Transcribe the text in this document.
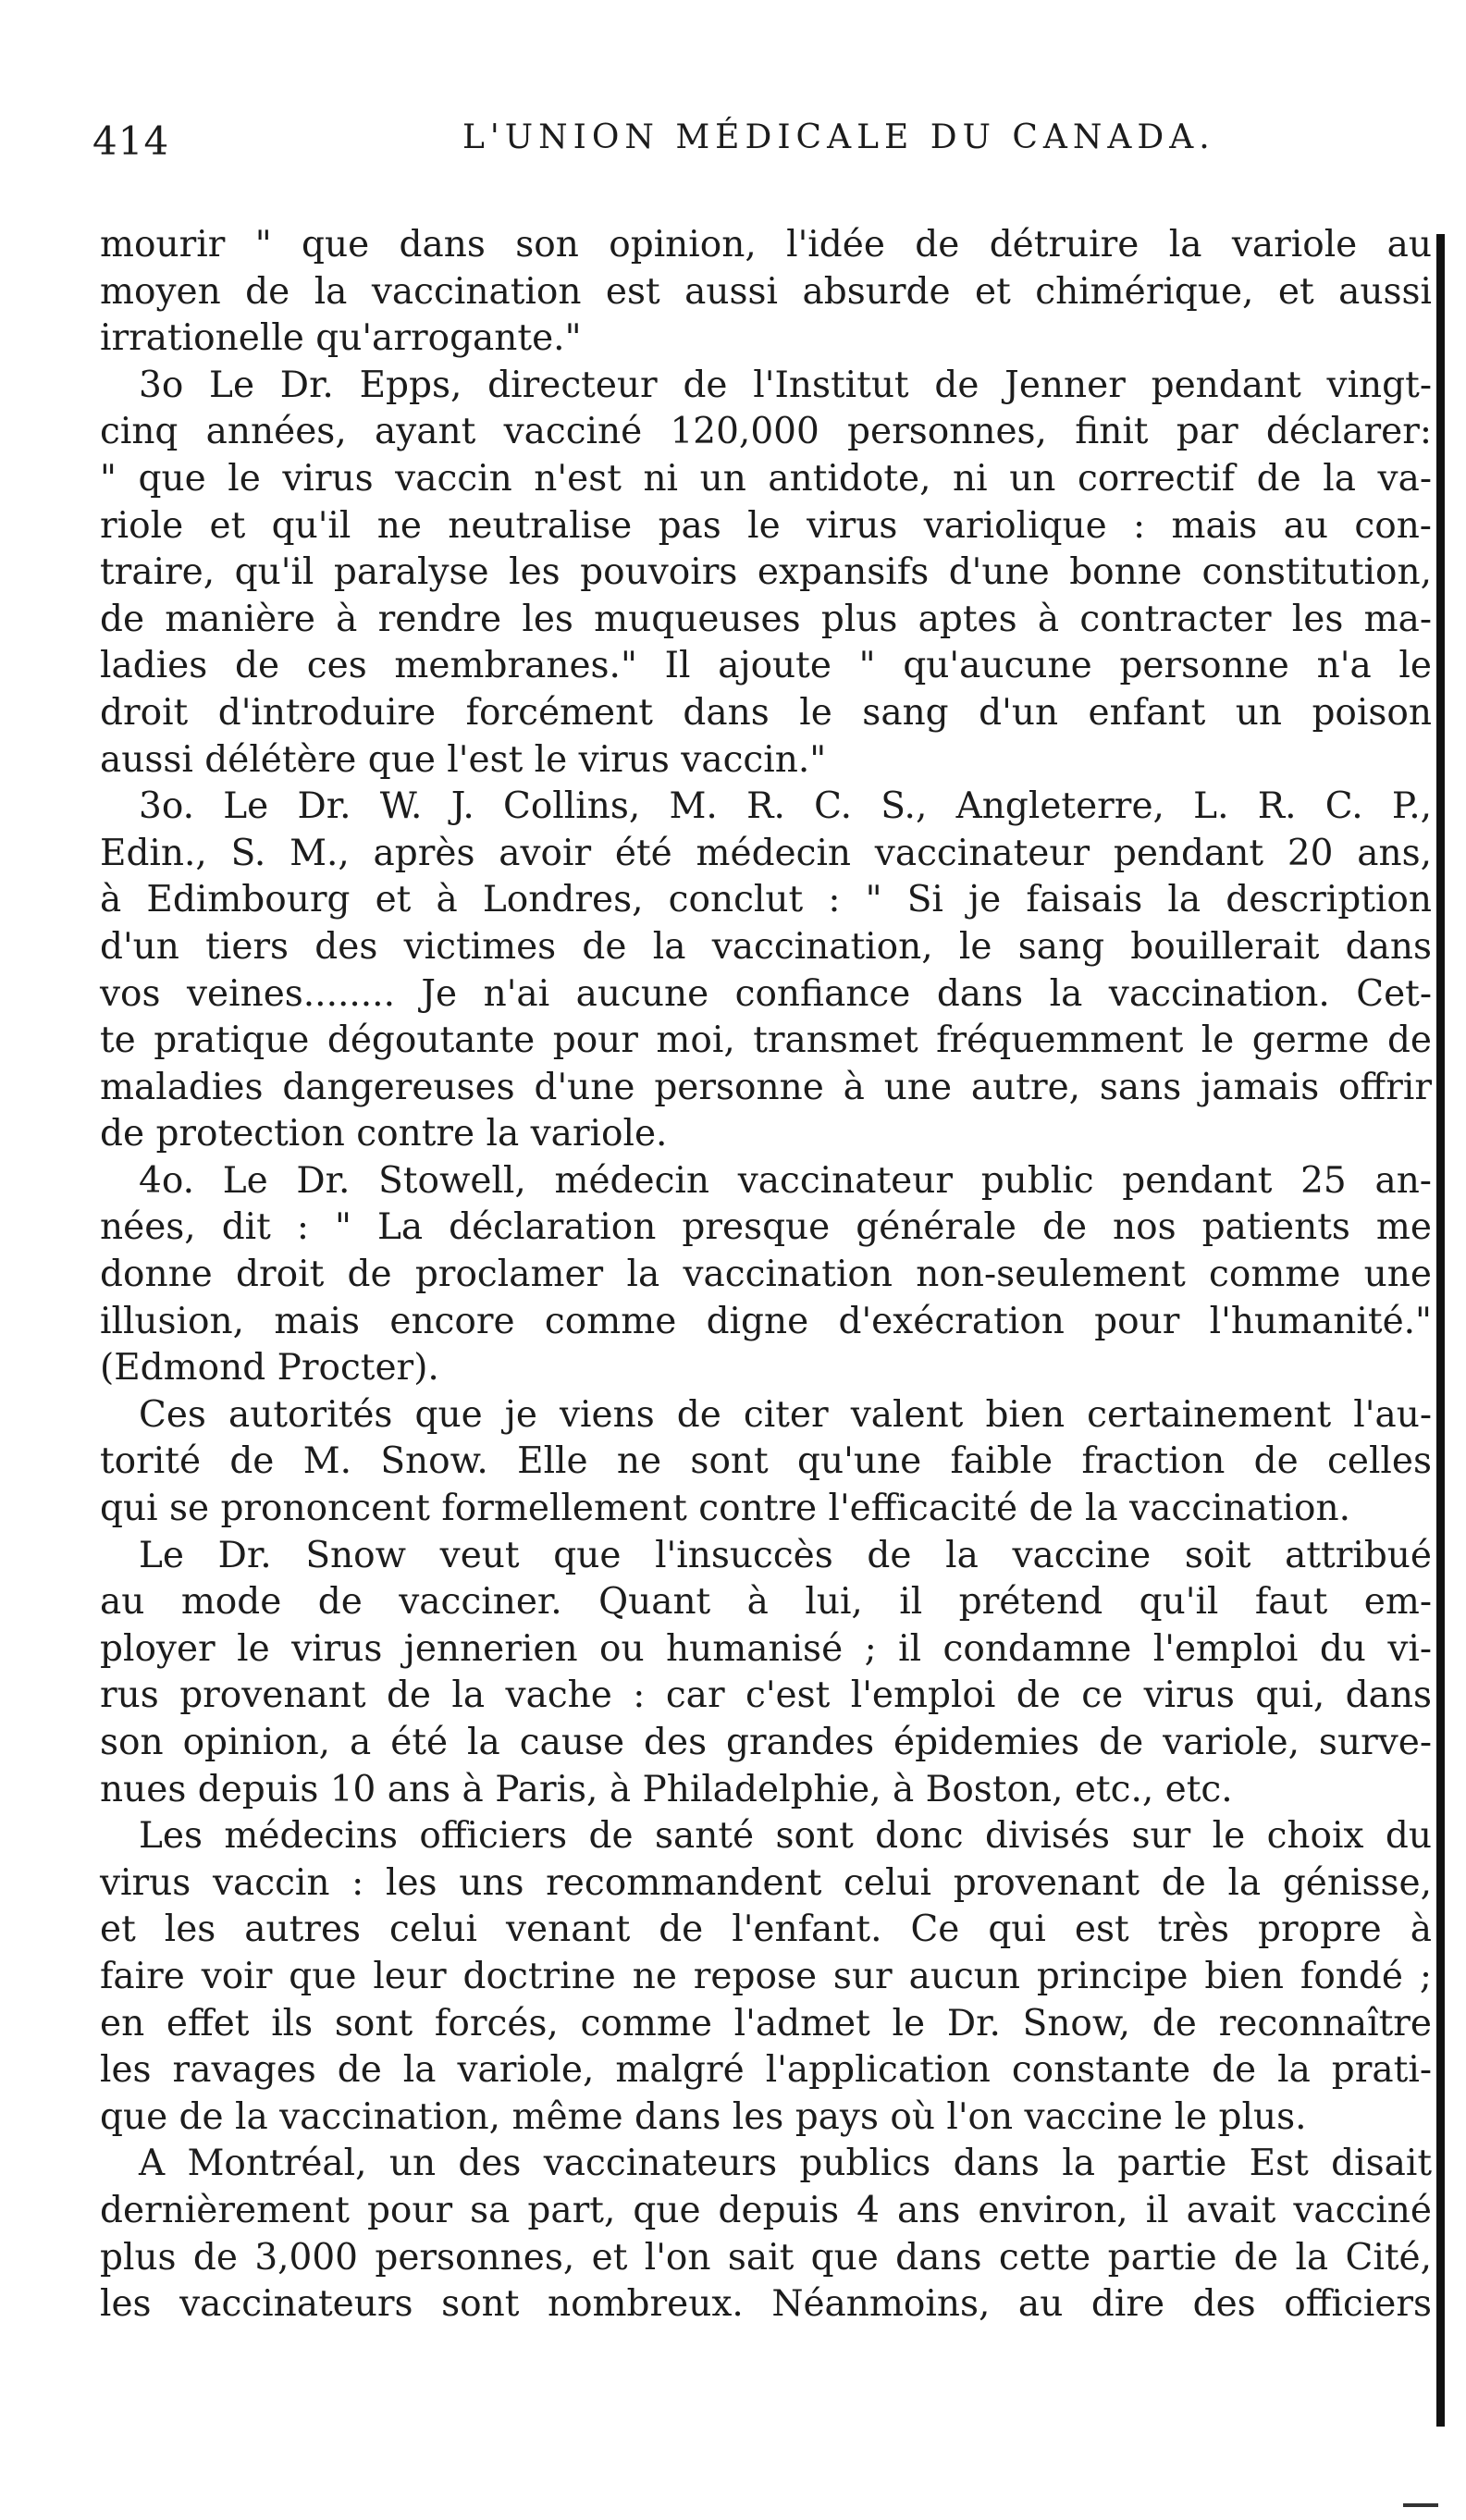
414	L'UNION MÉDICALE DU CANADA.
mourir " que dans son opinion, l'idée de détruire la variole au
moyen de la vaccination est aussi absurde et chimérique, et aussi
irrationelle qu'arrogante."
3o Le Dr. Epps, directeur de l'Institut de Jenner pendant vingt-
cinq années, ayant vacciné 120,000 personnes, finit par déclarer:
" que le virus vaccin n'est ni un antidote, ni un correctif de la va-
riole et qu'il ne neutralise pas le virus variolique : mais au con-
traire, qu'il paralyse les pouvoirs expansifs d'une bonne constitution,
de manière à rendre les muqueuses plus aptes à contracter les ma-
ladies de ces membranes." Il ajoute " qu'aucune personne n'a le
droit d'introduire forcément dans le sang d'un enfant un poison
aussi délétère que l'est le virus vaccin."
3o. Le Dr. W. J. Collins, M. R. C. S., Angleterre, L. R. C. P.,
Edin., S. M., après avoir été médecin vaccinateur pendant 20 ans,
à Edimbourg et à Londres, conclut : " Si je faisais la description
d'un tiers des victimes de la vaccination, le sang bouillerait dans
vos veines........ Je n'ai aucune confiance dans la vaccination. Cet-
te pratique dégoutante pour moi, transmet fréquemment le germe de
maladies dangereuses d'une personne à une autre, sans jamais offrir
de protection contre la variole.
4o. Le Dr. Stowell, médecin vaccinateur public pendant 25 an-
nées, dit : " La déclaration presque générale de nos patients me
donne droit de proclamer la vaccination non-seulement comme une
illusion, mais encore comme digne d'exécration pour l'humanité."
(Edmond Procter).
Ces autorités que je viens de citer valent bien certainement l'au-
torité de M. Snow. Elle ne sont qu'une faible fraction de celles
qui se prononcent formellement contre l'efficacité de la vaccination.
Le Dr. Snow veut que l'insuccès de la vaccine soit attribué
au mode de vacciner. Quant à lui, il prétend qu'il faut em-
ployer le virus jennerien ou humanisé ; il condamne l'emploi du vi-
rus provenant de la vache : car c'est l'emploi de ce virus qui, dans
son opinion, a été la cause des grandes épidemies de variole, surve-
nues depuis 10 ans à Paris, à Philadelphie, à Boston, etc., etc.
Les médecins officiers de santé sont donc divisés sur le choix du
virus vaccin : les uns recommandent celui provenant de la génisse,
et les autres celui venant de l'enfant. Ce qui est très propre à
faire voir que leur doctrine ne repose sur aucun principe bien fondé ;
en effet ils sont forcés, comme l'admet le Dr. Snow, de reconnaître
les ravages de la variole, malgré l'application constante de la prati-
que de la vaccination, même dans les pays où l'on vaccine le plus.
A Montréal, un des vaccinateurs publics dans la partie Est disait
dernièrement pour sa part, que depuis 4 ans environ, il avait vacciné
plus de 3,000 personnes, et l'on sait que dans cette partie de la Cité,
les vaccinateurs sont nombreux. Néanmoins, au dire des officiers
